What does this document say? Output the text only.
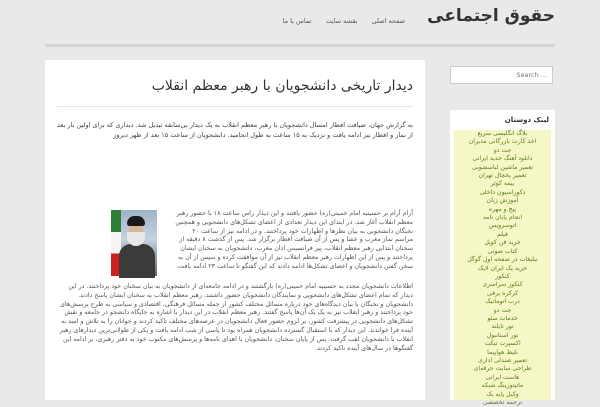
حقوق اجتماعی
صفحه اصلی
نقشه سایت
تماس با ما
دیدار تاریخی دانشجویان با رهبر معظم انقلاب

به گزارش جهان، ضیافت افطار امسال دانشجویان با رهبر معظم انقلاب به یک دیدار بی‌سابقه تبدیل شد. دیداری که برای اولین بار بعد از نماز و افطار نیز ادامه یافت و نزدیک به ۱۵ ساعت به طول انجامید. دانشجویان از ساعت ۱۵ بعد از ظهر دیروز

آرام آرام بر حسینیه امام خمینی(ره) حضور یافتند و این دیدار راس ساعت ۱۸ با حضور رهبر معظم انقلاب آغاز شد. در ابتدای این دیدار تعدادی از اعضای تشکل‌های دانشجویی و همچنین نخبگان دانشجویی به بیان نظرها و اظهارات خود پرداختند. و در ادامه نیز از ساعت ۲۰ مراسم نماز مغرب و عشا و پس از آن ضیافت افطار برگزار شد. پس از گذشت ۸ دقیقه از سخنان ابتدایی رهبر معظم انقلاب، پیر فرانسیس اذان مغرب، دانشجویان به سخنان ایشان پرداختند و پس از این اظهارات رهبر معظم انقلاب نیز از آن موافقت کرده و سپس از آن به سخن گفتن دانشجویان و اعضای تشکل‌ها ادامه دادند که این گفتگو تا ساعت ۲۳ ادامه یافت.

اطلاعات دانشجویان مجدد به حسینیه امام خمینی(ره) بازگشتند و در ادامه جامعه‌ای از دانشجویان به بیان سخنان خود پرداختند. در این دیدار که تمام اعضای تشکل‌های دانشجویی و نمایندگان دانشجویان حضور داشتند، رهبر معظم انقلاب به سخنان ایشان پاسخ دادند. دانشجویان و نخبگان با بیان دیدگاه‌های خود درباره مسائل مختلف کشور از جمله مسائل فرهنگی، اقتصادی و سیاسی به طرح پرسش‌های خود پرداختند و رهبر انقلاب نیز به یک یک آن‌ها پاسخ گفتند. رهبر معظم انقلاب در این دیدار با اشاره به جایگاه دانشجو در جامعه و نقش تشکل‌های دانشجویی در پیشرفت کشور، بر لزوم حضور فعال دانشجویان در عرصه‌های مختلف تاکید کردند و جوانان را به تلاش و امید به آینده فرا خواندند. این دیدار که با استقبال گسترده دانشجویان همراه بود تا پاسی از شب ادامه یافت و یکی از طولانی‌ترین دیدارهای رهبر انقلاب با دانشجویان لقب گرفت. پس از پایان سخنان، دانشجویان با اهدای نامه‌ها و پرسش‌های مکتوب خود به دفتر رهبری، بر ادامه این گفتگوها در سال‌های آینده تاکید کردند.

Search ...
لینک دوستان
بلاگ انگلیسی سریع
اخذ کارت بازرگانی مدیران
جت دو
دانلود آهنگ جدید ایرانی
تعمیر ماشین لباسشویی
تعمیر یخچال تهران
بیمه کوثر
دکوراسیون داخلی
آموزش زبان
پیج و مهره
انجام پایان نامه
اتوسرویس
فیلم
خرید فن کویل
کتاب صوتی
تبلیغات در صفحه اول گوگل
خرید یک ایران لایک
کنکور
کنکور سراسری
کرکره برقی
درب اتوماتیک
جت دو
خدمات سئو
تور تایلند
تور استانبول
اکسپرت تیکت
بلیط هواپیما
تعمیر صندلی اداری
طراحی سایت حرفه‌ای
هاست ایرانی
مانیتورینگ شبکه
وکیل پایه یک
ترجمه تخصصی
